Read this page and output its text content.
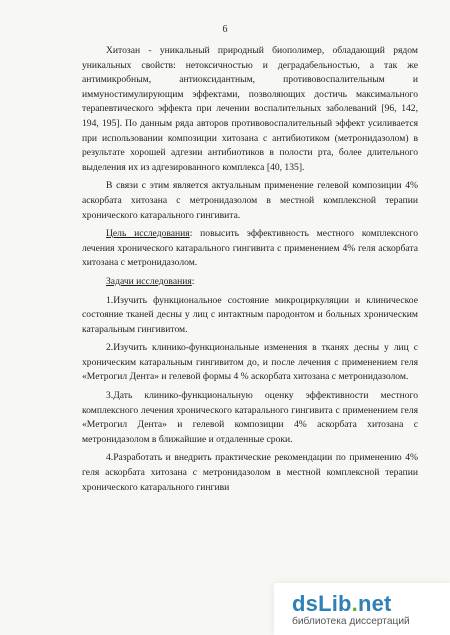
6

Хитозан - уникальный природный биополимер, обладающий рядом уникальных свойств: нетоксичностью и деградабельностью, а так же антимикробным, антиоксидантным, противовоспалительным и иммуностимулирующим эффектами, позволяющих достичь максимального терапевтического эффекта при лечении воспалительных заболеваний [96, 142, 194, 195]. По данным ряда авторов противовоспалительный эффект усиливается при использовании композиции хитозана с антибиотиком (метронидазолом) в результате хорошей адгезии антибиотиков в полости рта, более длительного выделения их из адгезированного комплекса [40, 135].

В связи с этим является актуальным применение гелевой композиции 4% аскорбата хитозана с метронидазолом в местной комплексной терапии хронического катарального гингивита.

Цель исследования: повысить эффективность местного комплексного лечения хронического катарального гингивита с применением 4% геля аскорбата хитозана с метронидазолом.

Задачи исследования:

1.Изучить функциональное состояние микроциркуляции и клиническое состояние тканей десны у лиц с интактным пародонтом и больных хроническим катаральным гингивитом.

2.Изучить клинико-функциональные изменения в тканях десны у лиц с хроническим катаральным гингивитом до, и после лечения с применением геля «Метрогил Дента» и гелевой формы 4 % аскорбата хитозана с метронидазолом.

3.Дать клинико-функциональную оценку эффективности местного комплексного лечения хронического катарального гингивита с применением геля «Метрогил Дента» и гелевой композиции 4% аскорбата хитозана с метронидазолом в ближайшие и отдаленные сроки.

4.Разработать и внедрить практические рекомендации по применению 4% геля аскорбата хитозана с метронидазолом в местной комплексной терапии хронического катарального гингиви

dsLib.net
библиотека диссертаций
